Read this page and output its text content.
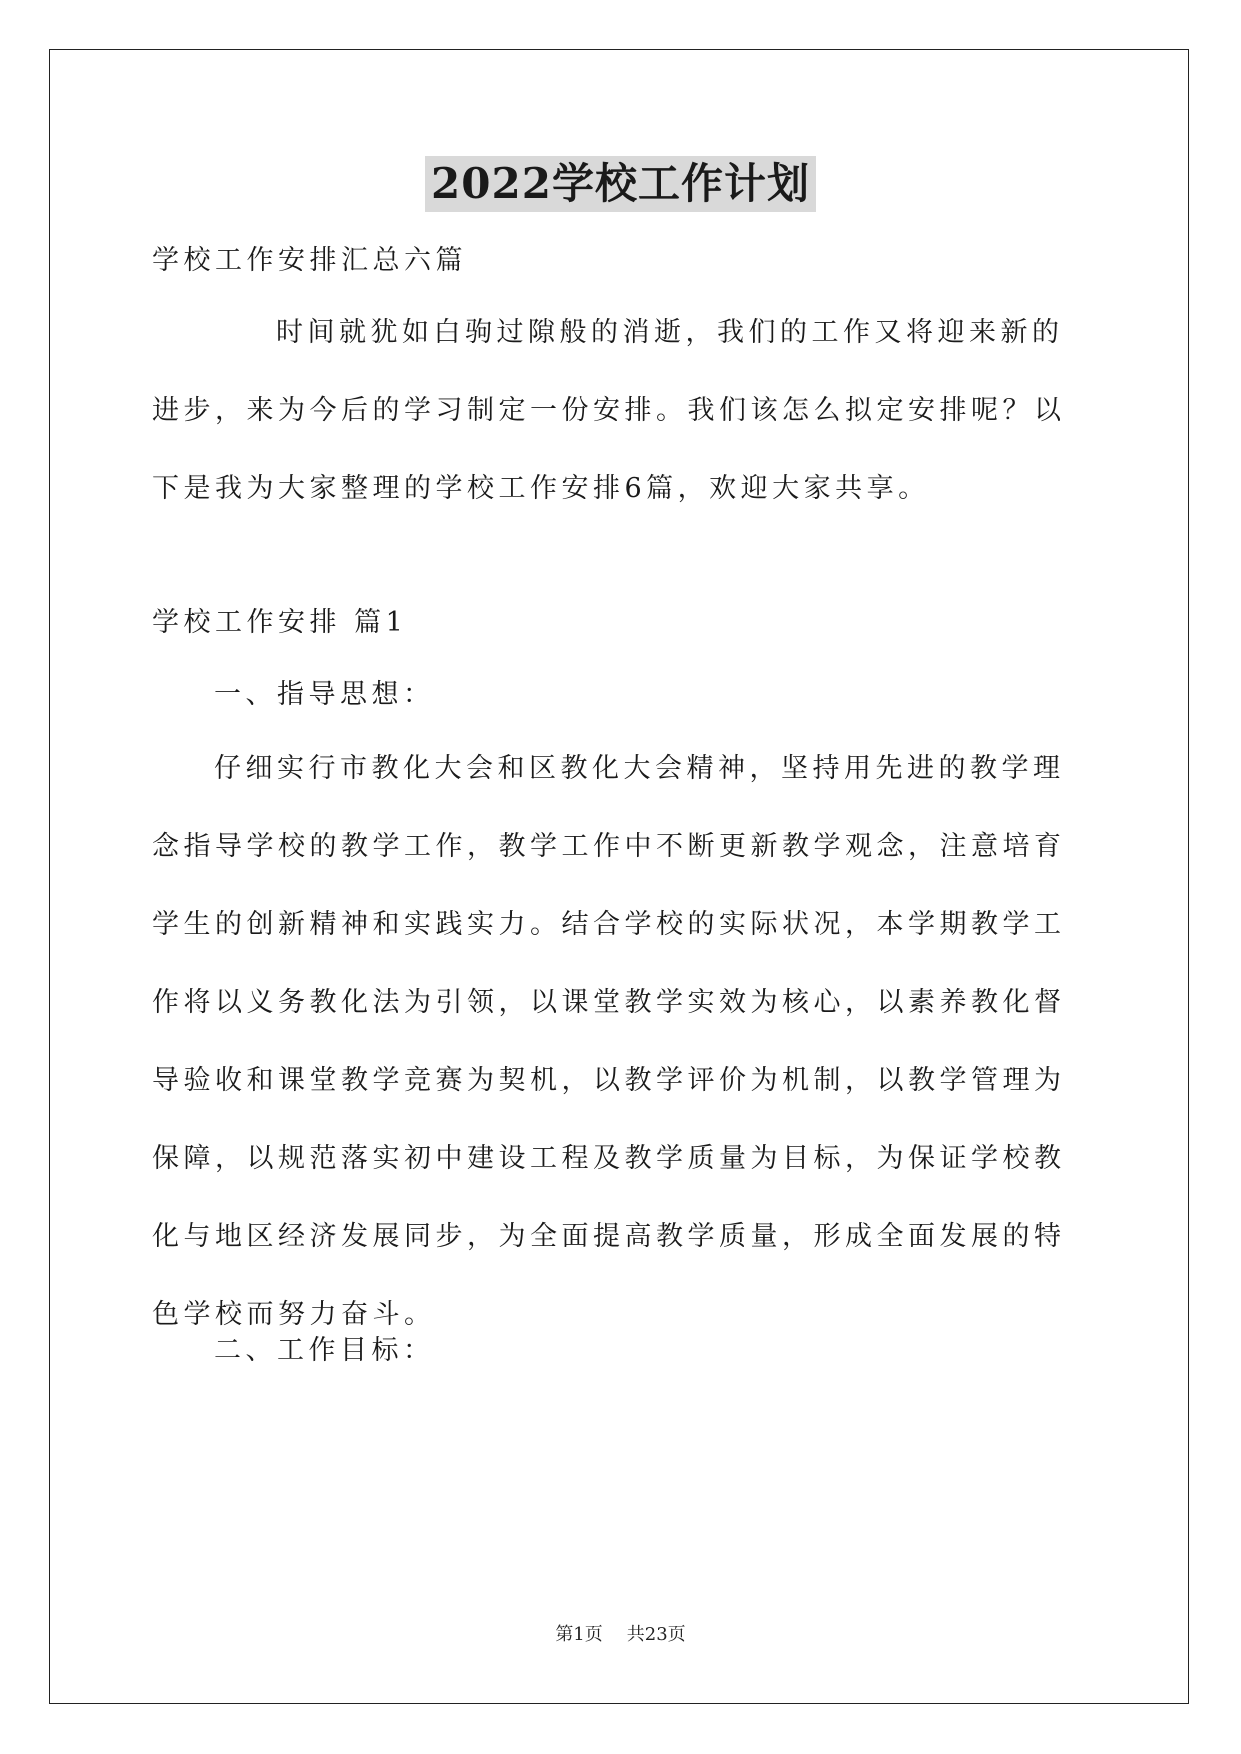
2022学校工作计划

学校工作安排汇总六篇

时间就犹如白驹过隙般的消逝，我们的工作又将迎来新的进步，来为今后的学习制定一份安排。我们该怎么拟定安排呢？以下是我为大家整理的学校工作安排6篇，欢迎大家共享。

学校工作安排 篇1

一、指导思想：

仔细实行市教化大会和区教化大会精神，坚持用先进的教学理念指导学校的教学工作，教学工作中不断更新教学观念，注意培育学生的创新精神和实践实力。结合学校的实际状况，本学期教学工作将以义务教化法为引领，以课堂教学实效为核心，以素养教化督导验收和课堂教学竞赛为契机，以教学评价为机制，以教学管理为保障，以规范落实初中建设工程及教学质量为目标，为保证学校教化与地区经济发展同步，为全面提高教学质量，形成全面发展的特色学校而努力奋斗。

二、工作目标：

第1页 共23页
